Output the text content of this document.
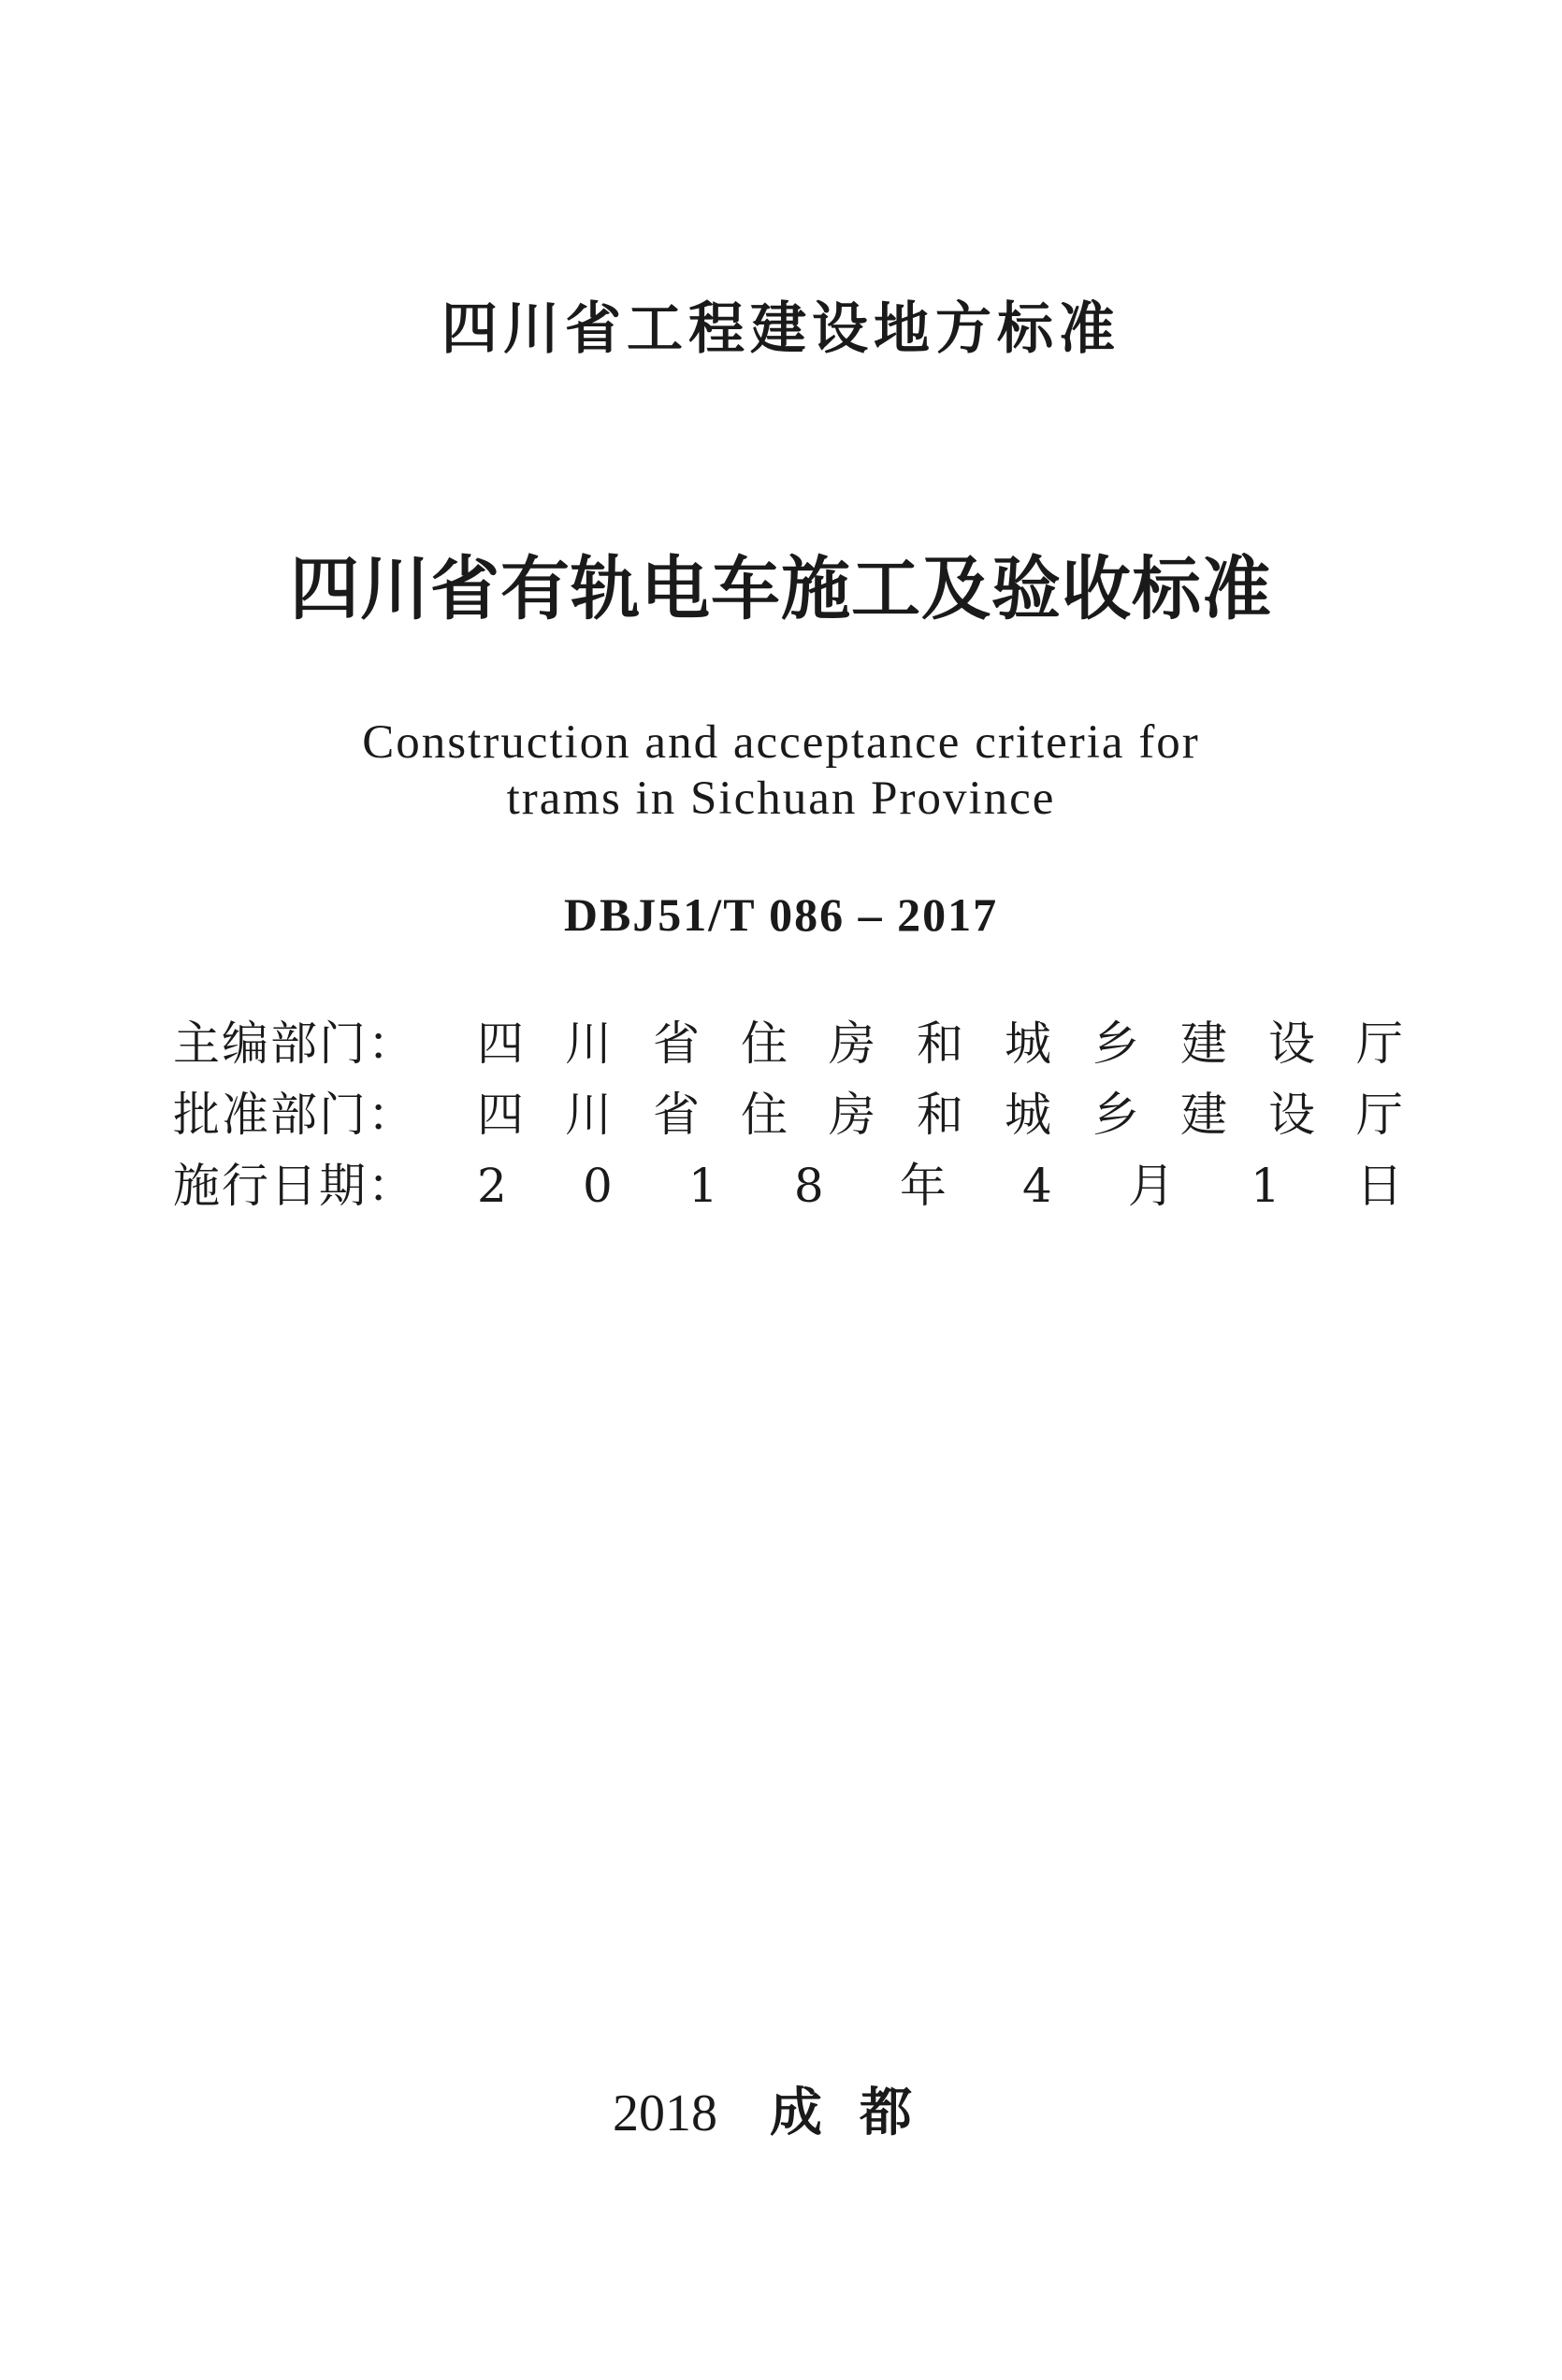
四川省工程建设地方标准
四川省有轨电车施工及验收标准
Construction and acceptance criteria for
trams in Sichuan Province
DBJ51/T 086 – 2017
主编部门： 四 川 省 住 房 和 城 乡 建 设 厅
批准部门： 四 川 省 住 房 和 城 乡 建 设 厅
施行日期： 2 0 1 8 年 4 月 1 日
2018 成都
